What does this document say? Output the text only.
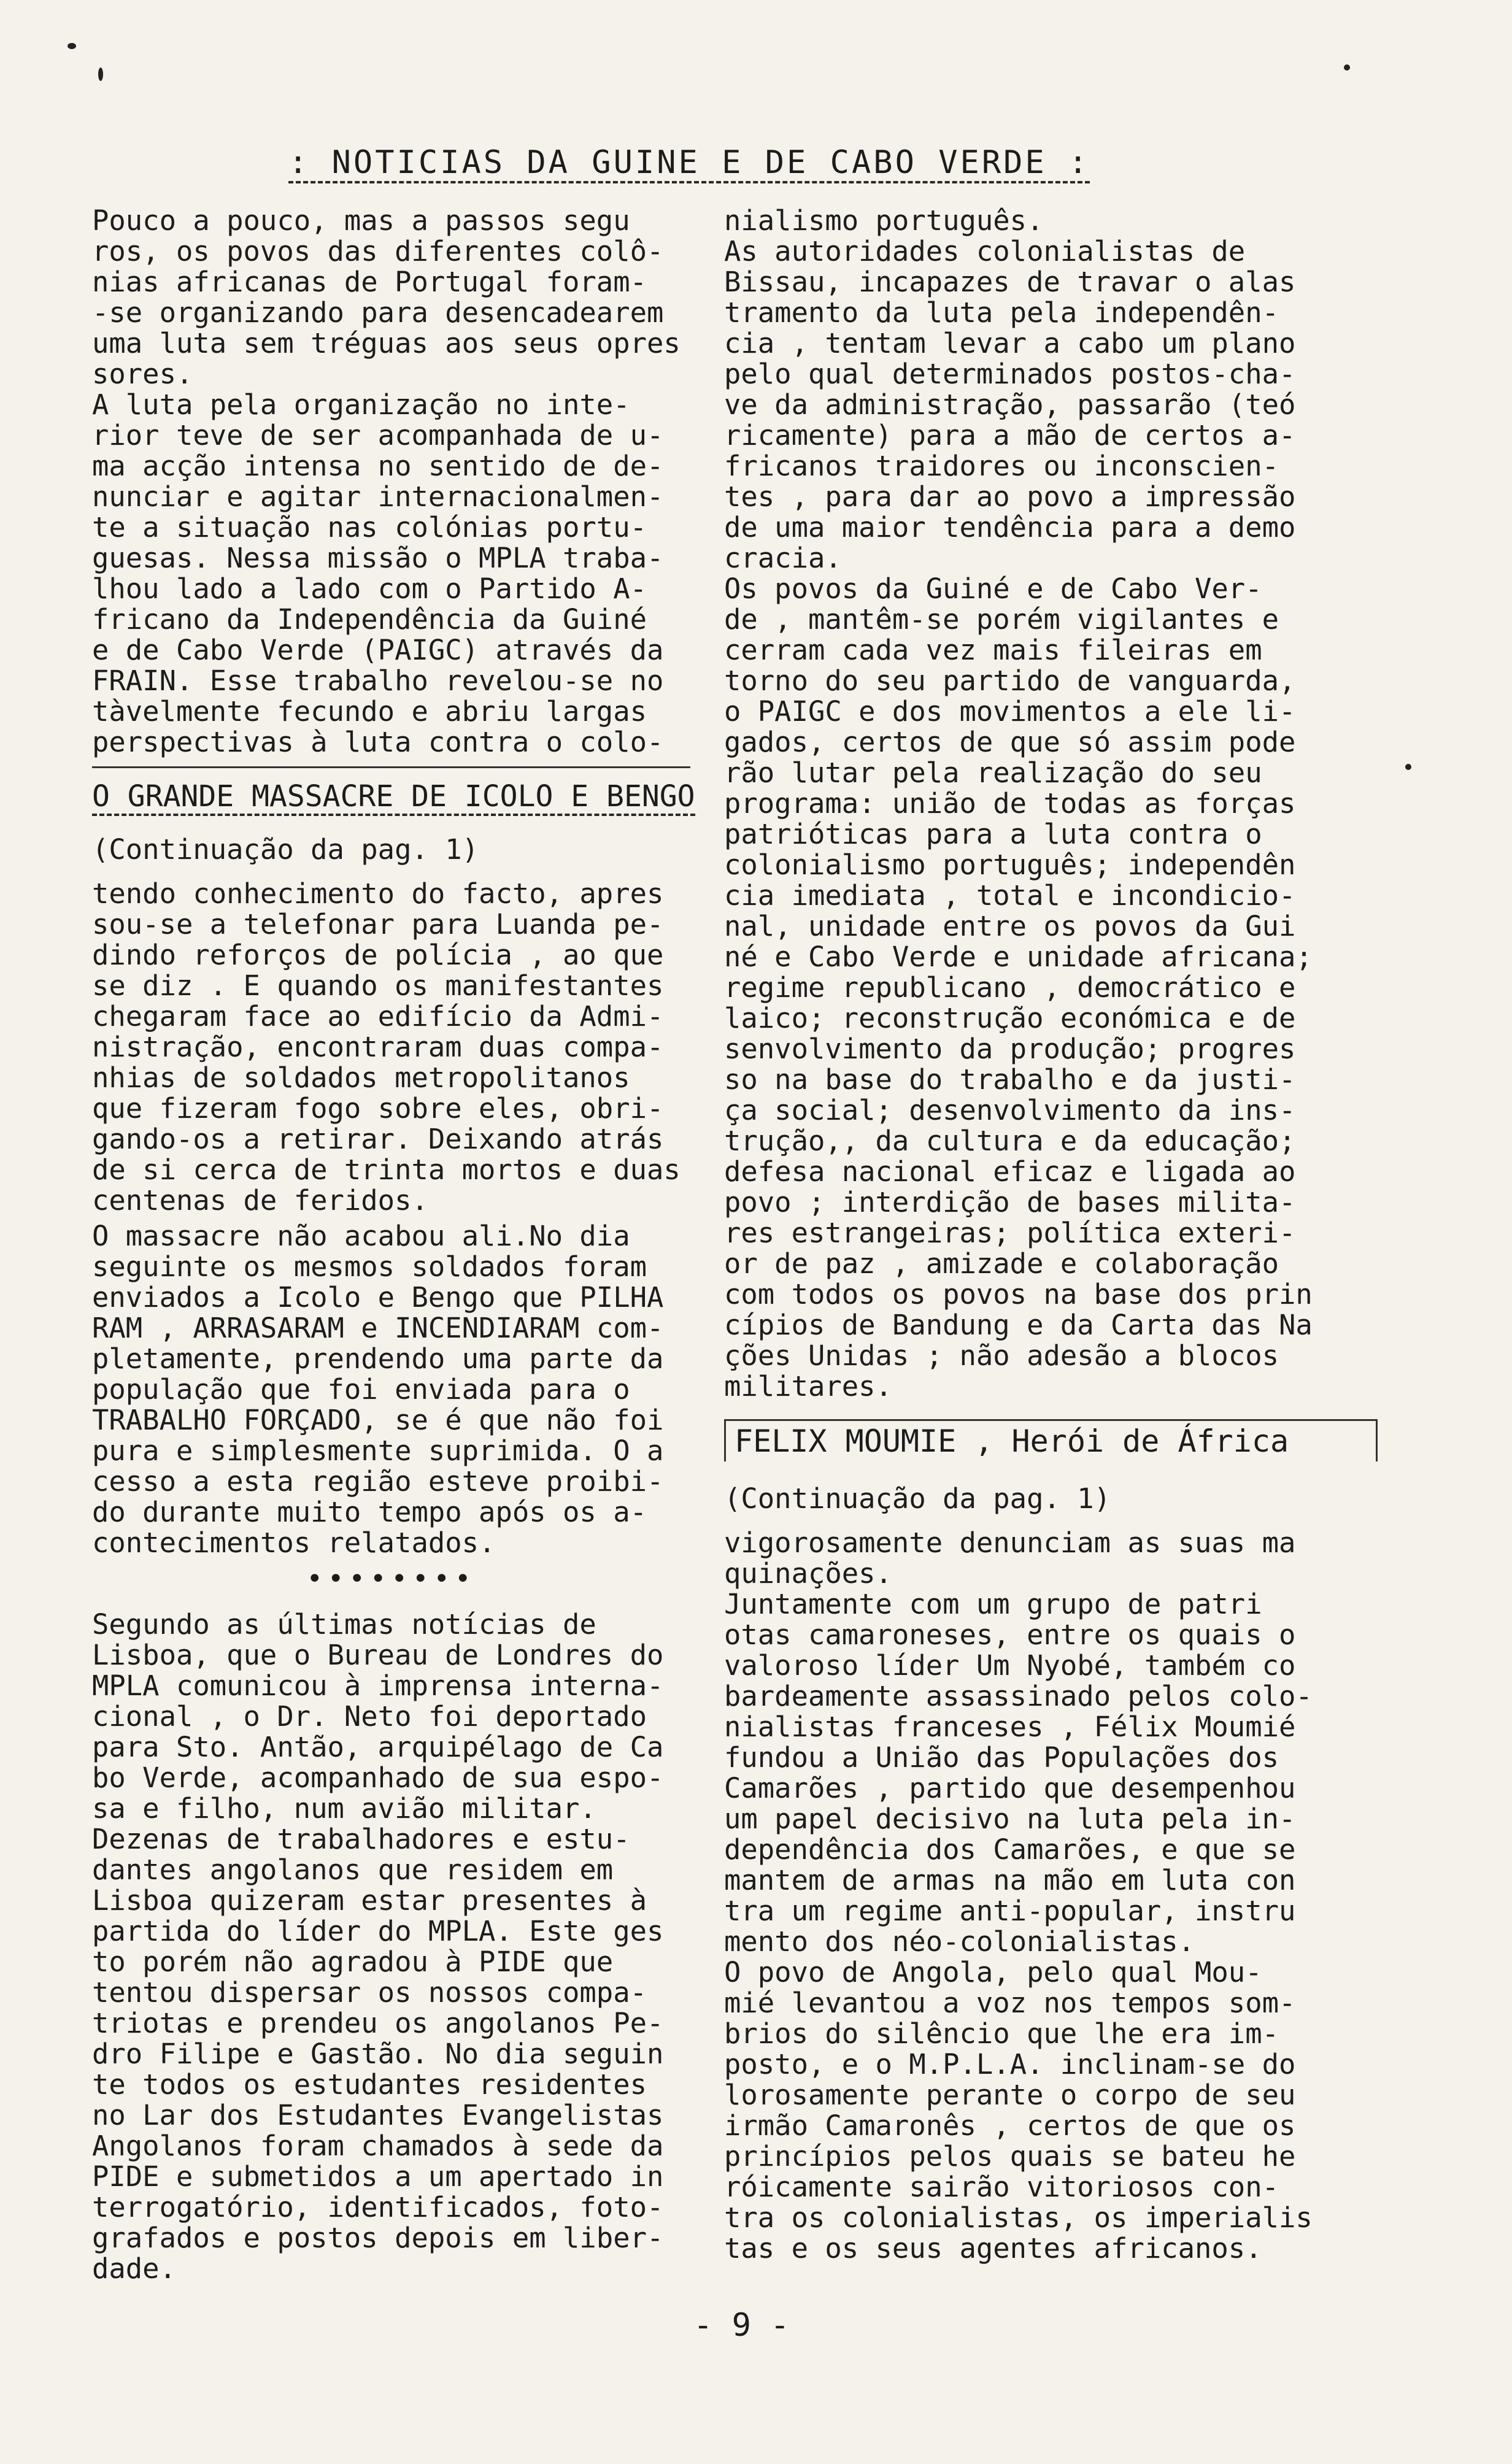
: NOTICIAS DA GUINE E DE CABO VERDE :

Pouco a pouco, mas a passos segu

ros, os povos das diferentes colô-

nias africanas de Portugal foram-

-se organizando para desencadearem

uma luta sem tréguas aos seus opres

sores.

A luta pela organização no inte-

rior teve de ser acompanhada de u-

ma acção intensa no sentido de de-

nunciar e agitar internacionalmen-

te a situação nas colónias portu-

guesas. Nessa missão o MPLA traba-

lhou lado a lado com o Partido A-

fricano da Independência da Guiné

e de Cabo Verde (PAIGC) através da

FRAIN. Esse trabalho revelou-se no

tàvelmente fecundo e abriu largas

perspectivas à luta contra o colo-

O GRANDE MASSACRE DE ICOLO E BENGO

(Continuação da pag. 1)

tendo conhecimento do facto, apres

sou-se a telefonar para Luanda pe-

dindo reforços de polícia , ao que

se diz . E quando os manifestantes

chegaram face ao edifício da Admi-

nistração, encontraram duas compa-

nhias de soldados metropolitanos

que fizeram fogo sobre eles, obri-

gando-os a retirar. Deixando atrás

de si cerca de trinta mortos e duas

centenas de feridos.

O massacre não acabou ali.No dia

seguinte os mesmos soldados foram

enviados a Icolo e Bengo que PILHA

RAM , ARRASARAM e INCENDIARAM com-

pletamente, prendendo uma parte da

população que foi enviada para o

TRABALHO FORÇADO, se é que não foi

pura e simplesmente suprimida. O a

cesso a esta região esteve proibi-

do durante muito tempo após os a-

contecimentos relatados.

••••••••

Segundo as últimas notícias de

Lisboa, que o Bureau de Londres do

MPLA comunicou à imprensa interna-

cional , o Dr. Neto foi deportado

para Sto. Antão, arquipélago de Ca

bo Verde, acompanhado de sua espo-

sa e filho, num avião militar.

Dezenas de trabalhadores e estu-

dantes angolanos que residem em

Lisboa quizeram estar presentes à

partida do líder do MPLA. Este ges

to porém não agradou à PIDE que

tentou dispersar os nossos compa-

triotas e prendeu os angolanos Pe-

dro Filipe e Gastão. No dia seguin

te todos os estudantes residentes

no Lar dos Estudantes Evangelistas

Angolanos foram chamados à sede da

PIDE e submetidos a um apertado in

terrogatório, identificados, foto-

grafados e postos depois em liber-

dade.

nialismo português.

As autoridades colonialistas de

Bissau, incapazes de travar o alas

tramento da luta pela independên-

cia , tentam levar a cabo um plano

pelo qual determinados postos-cha-

ve da administração, passarão (teó

ricamente) para a mão de certos a-

fricanos traidores ou inconscien-

tes , para dar ao povo a impressão

de uma maior tendência para a demo

cracia.

Os povos da Guiné e de Cabo Ver-

de , mantêm-se porém vigilantes e

cerram cada vez mais fileiras em

torno do seu partido de vanguarda,

o PAIGC e dos movimentos a ele li-

gados, certos de que só assim pode

rão lutar pela realização do seu

programa: união de todas as forças

patrióticas para a luta contra o

colonialismo português; independên

cia imediata , total e incondicio-

nal, unidade entre os povos da Gui

né e Cabo Verde e unidade africana;

regime republicano , democrático e

laico; reconstrução económica e de

senvolvimento da produção; progres

so na base do trabalho e da justi-

ça social; desenvolvimento da ins-

trução,, da cultura e da educação;

defesa nacional eficaz e ligada ao

povo ; interdição de bases milita-

res estrangeiras; política exteri-

or de paz , amizade e colaboração

com todos os povos na base dos prin

cípios de Bandung e da Carta das Na

ções Unidas ; não adesão a blocos

militares.

FELIX MOUMIE , Herói de África

(Continuação da pag. 1)

vigorosamente denunciam as suas ma

quinações.

Juntamente com um grupo de patri

otas camaroneses, entre os quais o

valoroso líder Um Nyobé, também co

bardeamente assassinado pelos colo-

nialistas franceses , Félix Moumié

fundou a União das Populações dos

Camarões , partido que desempenhou

um papel decisivo na luta pela in-

dependência dos Camarões, e que se

mantem de armas na mão em luta con

tra um regime anti-popular, instru

mento dos néo-colonialistas.

O povo de Angola, pelo qual Mou-

mié levantou a voz nos tempos som-

brios do silêncio que lhe era im-

posto, e o M.P.L.A. inclinam-se do

lorosamente perante o corpo de seu

irmão Camaronês , certos de que os

princípios pelos quais se bateu he

róicamente sairão vitoriosos con-

tra os colonialistas, os imperialis

tas e os seus agentes africanos.

- 9 -
